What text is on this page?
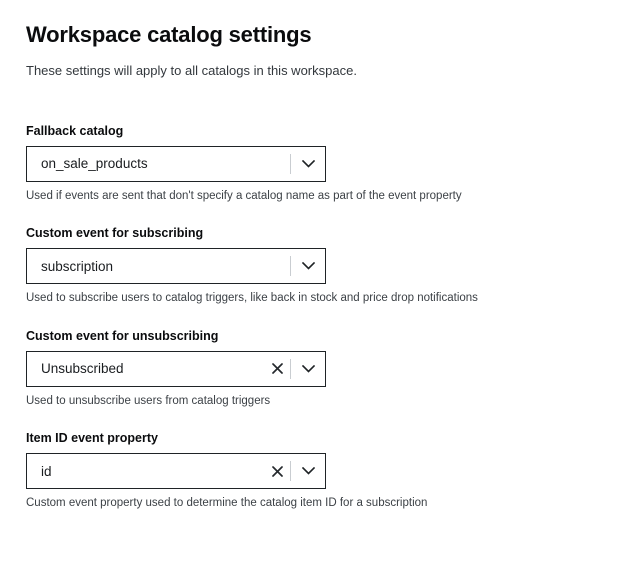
Workspace catalog settings
These settings will apply to all catalogs in this workspace.
Fallback catalog
on_sale_products
Used if events are sent that don't specify a catalog name as part of the event property
Custom event for subscribing
subscription
Used to subscribe users to catalog triggers, like back in stock and price drop notifications
Custom event for unsubscribing
Unsubscribed
Used to unsubscribe users from catalog triggers
Item ID event property
id
Custom event property used to determine the catalog item ID for a subscription
